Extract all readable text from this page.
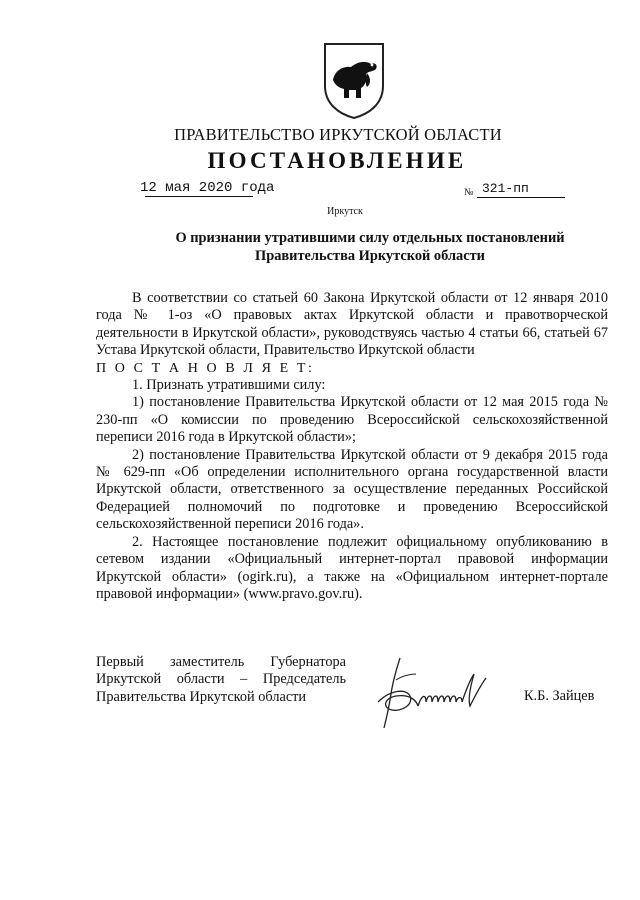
ПРАВИТЕЛЬСТВО ИРКУТСКОЙ ОБЛАСТИ
ПОСТАНОВЛЕНИЕ
12 мая 2020 года	№ 321-пп
Иркутск
О признании утратившими силу отдельных постановлений
Правительства Иркутской области

В соответствии со статьей 60 Закона Иркутской области от 12 января 2010 года № 1-оз «О правовых актах Иркутской области и правотворческой деятельности в Иркутской области», руководствуясь частью 4 статьи 66, статьей 67 Устава Иркутской области, Правительство Иркутской области

П О С Т А Н О В Л Я Е Т:

1. Признать утратившими силу:

1) постановление Правительства Иркутской области от 12 мая 2015 года № 230-пп «О комиссии по проведению Всероссийской сельскохозяйственной переписи 2016 года в Иркутской области»;

2) постановление Правительства Иркутской области от 9 декабря 2015 года № 629-пп «Об определении исполнительного органа государственной власти Иркутской области, ответственного за осуществление переданных Российской Федерацией полномочий по подготовке и проведению Всероссийской сельскохозяйственной переписи 2016 года».

2. Настоящее постановление подлежит официальному опубликованию в сетевом издании «Официальный интернет-портал правовой информации Иркутской области» (ogirk.ru), а также на «Официальном интернет-портале правовой информации» (www.pravo.gov.ru).

Первый заместитель Губернатора
Иркутской области – Председатель
Правительства Иркутской области	К.Б. Зайцев
